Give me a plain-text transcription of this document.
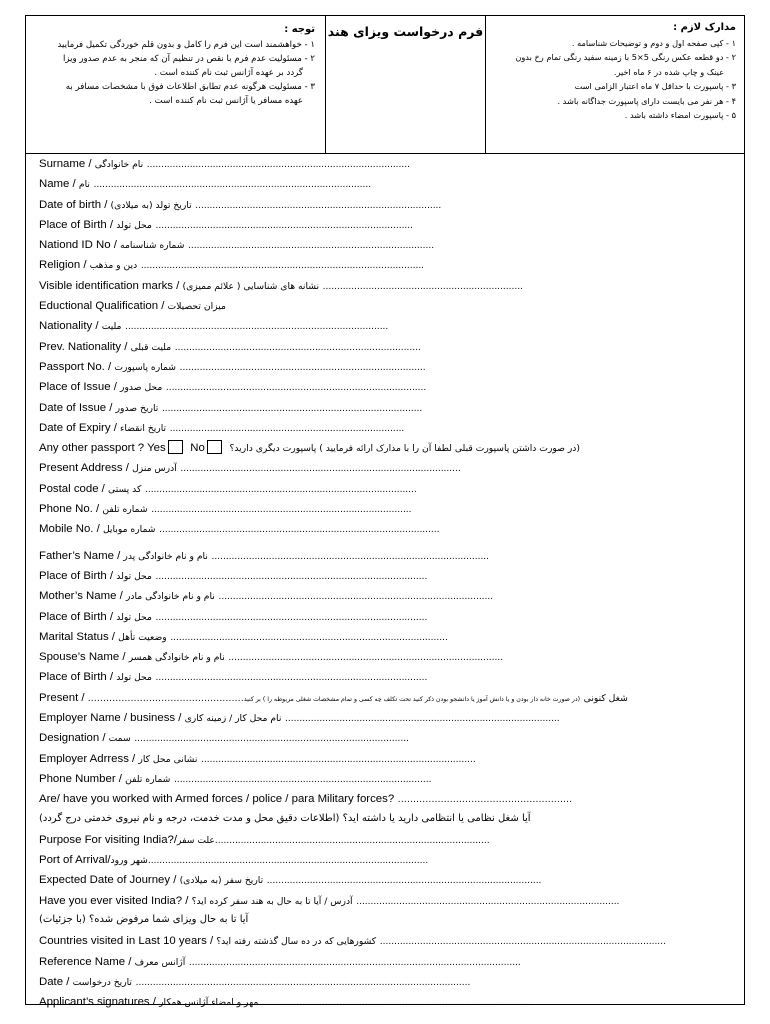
توجه :

۱ - خواهشمند است این فرم را کامل و بدون قلم خوردگی تکمیل فرمایید

۲ - مسئولیت عدم فرم با نقص در تنظیم آن که منجر به عدم صدور ویزا

گردد بر عهده آژانس ثبت نام کننده است .

۳ - مسئولیت هرگونه عدم تطابق اطلاعات فوق با مشخصات مسافر به

عهده مسافر یا آژانس ثبت نام کننده است .

فرم درخواست ویزای هند	مدارک لازم :

۱ - کپی صفحه اول و دوم و توضیحات شناسامه .

۲ - دو قطعه عکس رنگی 5×5 با زمینه سفید رنگی تمام رخ بدون

عینک و چاپ شده در ۶ ماه اخیر.

۳ - پاسپورت با حداقل ۷ ماه اعتبار الزامی است

۴ - هر نفر می بایست دارای پاسپورت جداگانه باشد .

۵ - پاسپورت امضاء داشته باشد .

Surname / نام خانوادگی ............................................................................................
Name / نام .................................................................................................
Date of birth / تاریخ تولد (به میلادی) ......................................................................................
Place of Birth / محل تولد ..........................................................................................
Nationd ID No / شماره شناسنامه ......................................................................................
Religion / دین و مذهب ...................................................................................................
Visible identification marks / نشانه های شناسایی ( علائم ممیزی) ......................................................................
Eductional Qualification / میزان تحصیلات
Nationality / ملیت ............................................................................................
Prev. Nationality / ملیت قبلی ......................................................................................
Passport No. / شماره پاسپورت ......................................................................................
Place of Issue / محل صدور ...........................................................................................
Date of Issue / تاریخ صدور ...........................................................................................
Date of Expiry / تاریخ انقضاء ..................................................................................
Any other passport ? Yes No	(در صورت داشتن پاسپورت قبلی لطفا آن را با مدارک ارائه فرمایید ) پاسپورت دیگری دارید؟
Present Address / آدرس منزل ..................................................................................................
Postal code / کد پستی ...............................................................................................
Phone No. / شماره تلفن ...........................................................................................
Mobile No. / شماره موبایل ..................................................................................................
Father’s Name / نام و نام خانوادگی پدر .................................................................................................
Place of Birth / محل تولد ...............................................................................................
Mother’s Name / نام و نام خانوادگی مادر ................................................................................................
Place of Birth / محل تولد ...............................................................................................
Marital Status / وضعیت تأهل .................................................................................................
Spouse’s Name / نام و نام خانوادگی همسر ................................................................................................
Place of Birth / محل تولد ...............................................................................................
Present / ...................................................	شغل کنونی (در صورت خانه دار بودن و یا دانش آموز یا دانشجو بودن ذکر کنید تحت تکلف چه کسی و تمام مشخصات شغلی مربوطه را ) بر کنید
Employer Name / business / نام محل کار / زمینه کاری ................................................................................................
Designation / سمت ................................................................................................
Employer Adrress / نشانی محل کار ................................................................................................
Phone Number / شماره تلفن ..........................................................................................
Are/ have you worked with Armed forces / police / para Military forces? .........................................................
آیا شغل نظامی یا انتظامی دارید یا داشته اید؟ (اطلاعات دقیق محل و مدت خدمت، درجه و نام نیروی خدمتی درج گردد)
Purpose For visiting India?/علت سفر................................................................................................
Port of Arrival/شهر ورود..................................................................................................
Expected Date of Journey / تاریخ سفر (به میلادی) ................................................................................................
Have you ever visited India? / آدرس / آیا تا به حال به هند سفر کرده اید؟ ............................................................................................
آیا تا به حال ویزای شما مرفوض شده؟ (با جزئیات)
Countries visited in Last 10 years / کشورهایی که در ده سال گذشته رفته اید؟ ....................................................................................................
Reference Name / آژانس معرف ....................................................................................................................
Date / تاریخ درخواست .....................................................................................................................
Applicant’s signatures / مهر و امضاء آژانس همکار ...............................................................................................
